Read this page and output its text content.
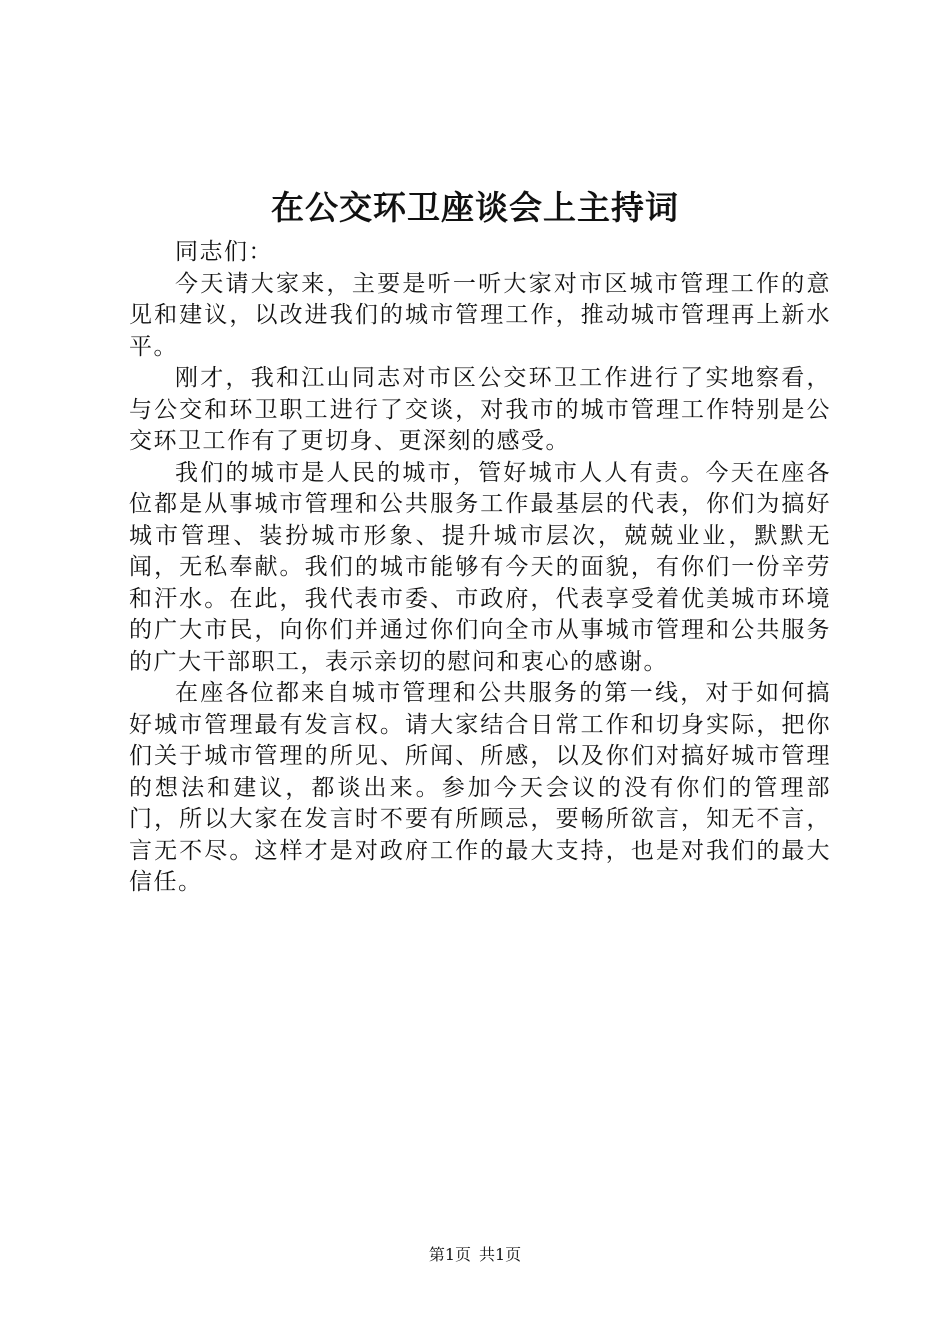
在公交环卫座谈会上主持词

同志们：

今天请大家来，主要是听一听大家对市区城市管理工作的意见和建议，以改进我们的城市管理工作，推动城市管理再上新水平。

刚才，我和江山同志对市区公交环卫工作进行了实地察看，与公交和环卫职工进行了交谈，对我市的城市管理工作特别是公交环卫工作有了更切身、更深刻的感受。

我们的城市是人民的城市，管好城市人人有责。今天在座各位都是从事城市管理和公共服务工作最基层的代表，你们为搞好城市管理、装扮城市形象、提升城市层次，兢兢业业，默默无闻，无私奉献。我们的城市能够有今天的面貌，有你们一份辛劳和汗水。在此，我代表市委、市政府，代表享受着优美城市环境的广大市民，向你们并通过你们向全市从事城市管理和公共服务的广大干部职工，表示亲切的慰问和衷心的感谢。

在座各位都来自城市管理和公共服务的第一线，对于如何搞好城市管理最有发言权。请大家结合日常工作和切身实际，把你们关于城市管理的所见、所闻、所感，以及你们对搞好城市管理的想法和建议，都谈出来。参加今天会议的没有你们的管理部门，所以大家在发言时不要有所顾忌，要畅所欲言，知无不言，言无不尽。这样才是对政府工作的最大支持，也是对我们的最大信任。

第1页 共1页
